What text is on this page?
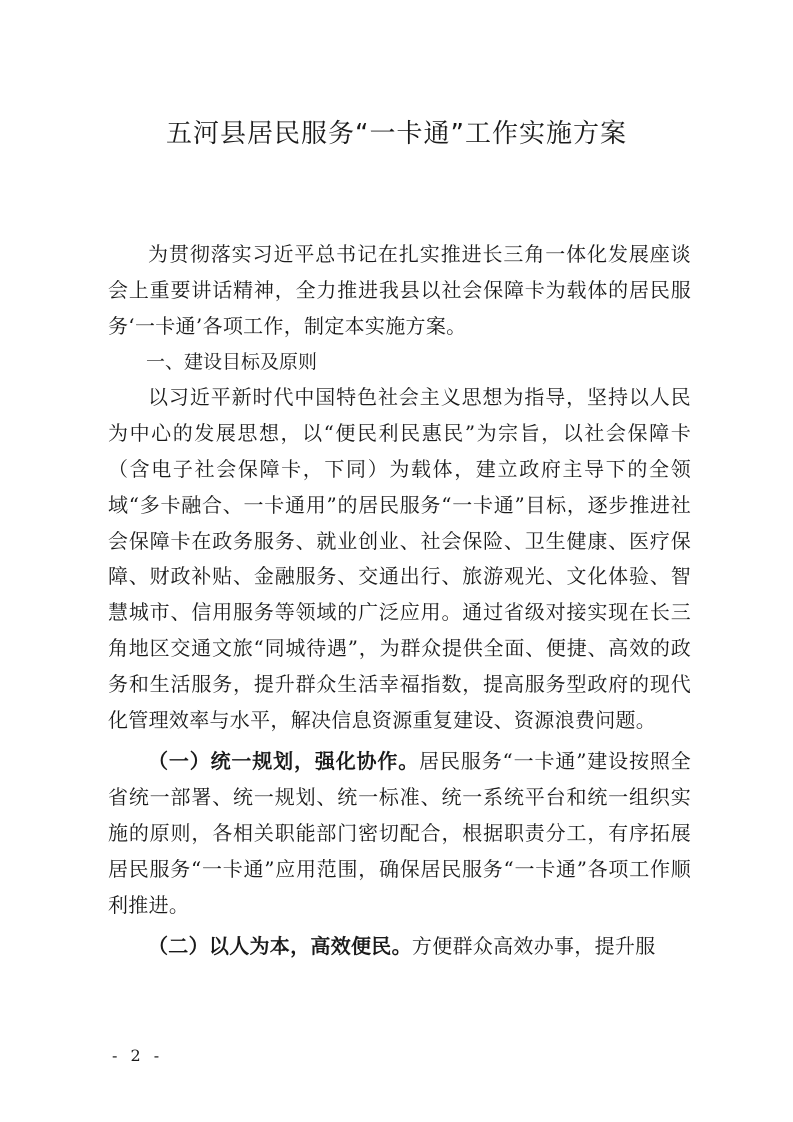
五河县居民服务“一卡通”工作实施方案

为贯彻落实习近平总书记在扎实推进长三角一体化发展座谈会上重要讲话精神，全力推进我县以社会保障卡为载体的居民服务‘一卡通’各项工作，制定本实施方案。

一、建设目标及原则

以习近平新时代中国特色社会主义思想为指导，坚持以人民为中心的发展思想，以“便民利民惠民”为宗旨，以社会保障卡（含电子社会保障卡，下同）为载体，建立政府主导下的全领域“多卡融合、一卡通用”的居民服务“一卡通”目标，逐步推进社会保障卡在政务服务、就业创业、社会保险、卫生健康、医疗保障、财政补贴、金融服务、交通出行、旅游观光、文化体验、智慧城市、信用服务等领域的广泛应用。通过省级对接实现在长三角地区交通文旅“同城待遇”，为群众提供全面、便捷、高效的政务和生活服务，提升群众生活幸福指数，提高服务型政府的现代化管理效率与水平，解决信息资源重复建设、资源浪费问题。

（一）统一规划，强化协作。居民服务“一卡通”建设按照全省统一部署、统一规划、统一标准、统一系统平台和统一组织实施的原则，各相关职能部门密切配合，根据职责分工，有序拓展居民服务“一卡通”应用范围，确保居民服务“一卡通”各项工作顺利推进。

（二）以人为本，高效便民。方便群众高效办事，提升服

- 2 -
